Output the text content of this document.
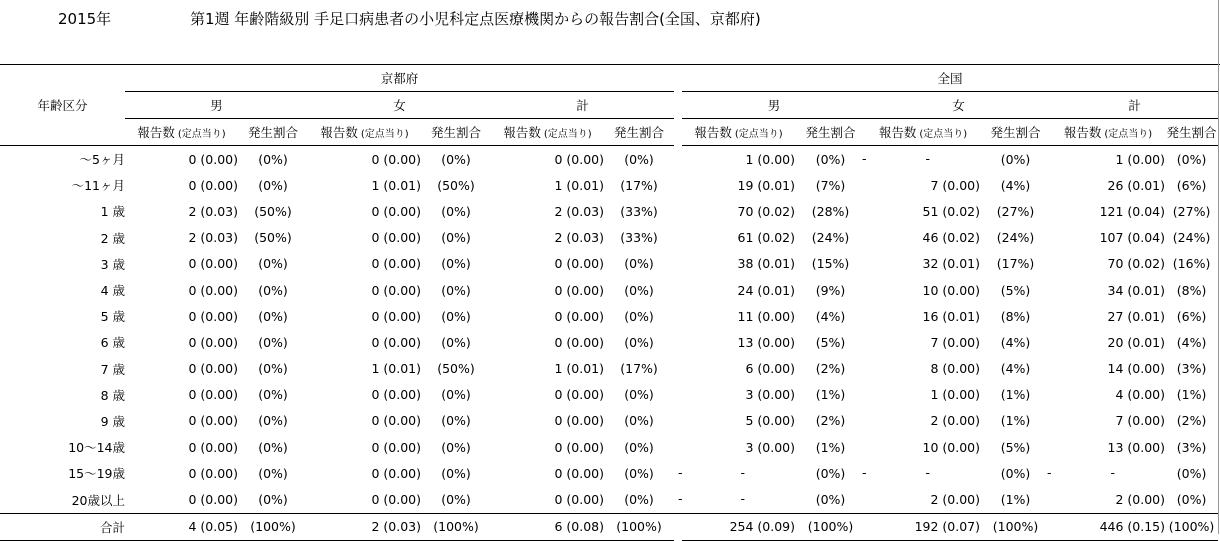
2015年	第1週 年齢階級別 手足口病患者の小児科定点医療機関からの報告割合(全国、京都府)
年齢区分	京都府							全国					
	男		女		計			男		女		計	
	報告数 (定点当り)	発生割合	報告数 (定点当り)	発生割合	報告数 (定点当り)	発生割合		報告数 (定点当り)	発生割合	報告数 (定点当り)	発生割合	報告数 (定点当り)	発生割合
～5ヶ月	0 (0.00)	(0%)	0 (0.00)	(0%)	0 (0.00)	(0%)		1 (0.00)	(0%)	- -	(0%)	1 (0.00)	(0%)
～11ヶ月	0 (0.00)	(0%)	1 (0.01)	(50%)	1 (0.01)	(17%)		19 (0.01)	(7%)	7 (0.00)	(4%)	26 (0.01)	(6%)
1 歳	2 (0.03)	(50%)	0 (0.00)	(0%)	2 (0.03)	(33%)		70 (0.02)	(28%)	51 (0.02)	(27%)	121 (0.04)	(27%)
2 歳	2 (0.03)	(50%)	0 (0.00)	(0%)	2 (0.03)	(33%)		61 (0.02)	(24%)	46 (0.02)	(24%)	107 (0.04)	(24%)
3 歳	0 (0.00)	(0%)	0 (0.00)	(0%)	0 (0.00)	(0%)		38 (0.01)	(15%)	32 (0.01)	(17%)	70 (0.02)	(16%)
4 歳	0 (0.00)	(0%)	0 (0.00)	(0%)	0 (0.00)	(0%)		24 (0.01)	(9%)	10 (0.00)	(5%)	34 (0.01)	(8%)
5 歳	0 (0.00)	(0%)	0 (0.00)	(0%)	0 (0.00)	(0%)		11 (0.00)	(4%)	16 (0.01)	(8%)	27 (0.01)	(6%)
6 歳	0 (0.00)	(0%)	0 (0.00)	(0%)	0 (0.00)	(0%)		13 (0.00)	(5%)	7 (0.00)	(4%)	20 (0.01)	(4%)
7 歳	0 (0.00)	(0%)	1 (0.01)	(50%)	1 (0.01)	(17%)		6 (0.00)	(2%)	8 (0.00)	(4%)	14 (0.00)	(3%)
8 歳	0 (0.00)	(0%)	0 (0.00)	(0%)	0 (0.00)	(0%)		3 (0.00)	(1%)	1 (0.00)	(1%)	4 (0.00)	(1%)
9 歳	0 (0.00)	(0%)	0 (0.00)	(0%)	0 (0.00)	(0%)		5 (0.00)	(2%)	2 (0.00)	(1%)	7 (0.00)	(2%)
10～14歳	0 (0.00)	(0%)	0 (0.00)	(0%)	0 (0.00)	(0%)		3 (0.00)	(1%)	10 (0.00)	(5%)	13 (0.00)	(3%)
15～19歳	0 (0.00)	(0%)	0 (0.00)	(0%)	0 (0.00)	(0%)		- -	(0%)	- -	(0%)	- -	(0%)
20歳以上	0 (0.00)	(0%)	0 (0.00)	(0%)	0 (0.00)	(0%)		- -	(0%)	2 (0.00)	(1%)	2 (0.00)	(0%)
合計	4 (0.05)	(100%)	2 (0.03)	(100%)	6 (0.08)	(100%)		254 (0.09)	(100%)	192 (0.07)	(100%)	446 (0.15)	(100%)
